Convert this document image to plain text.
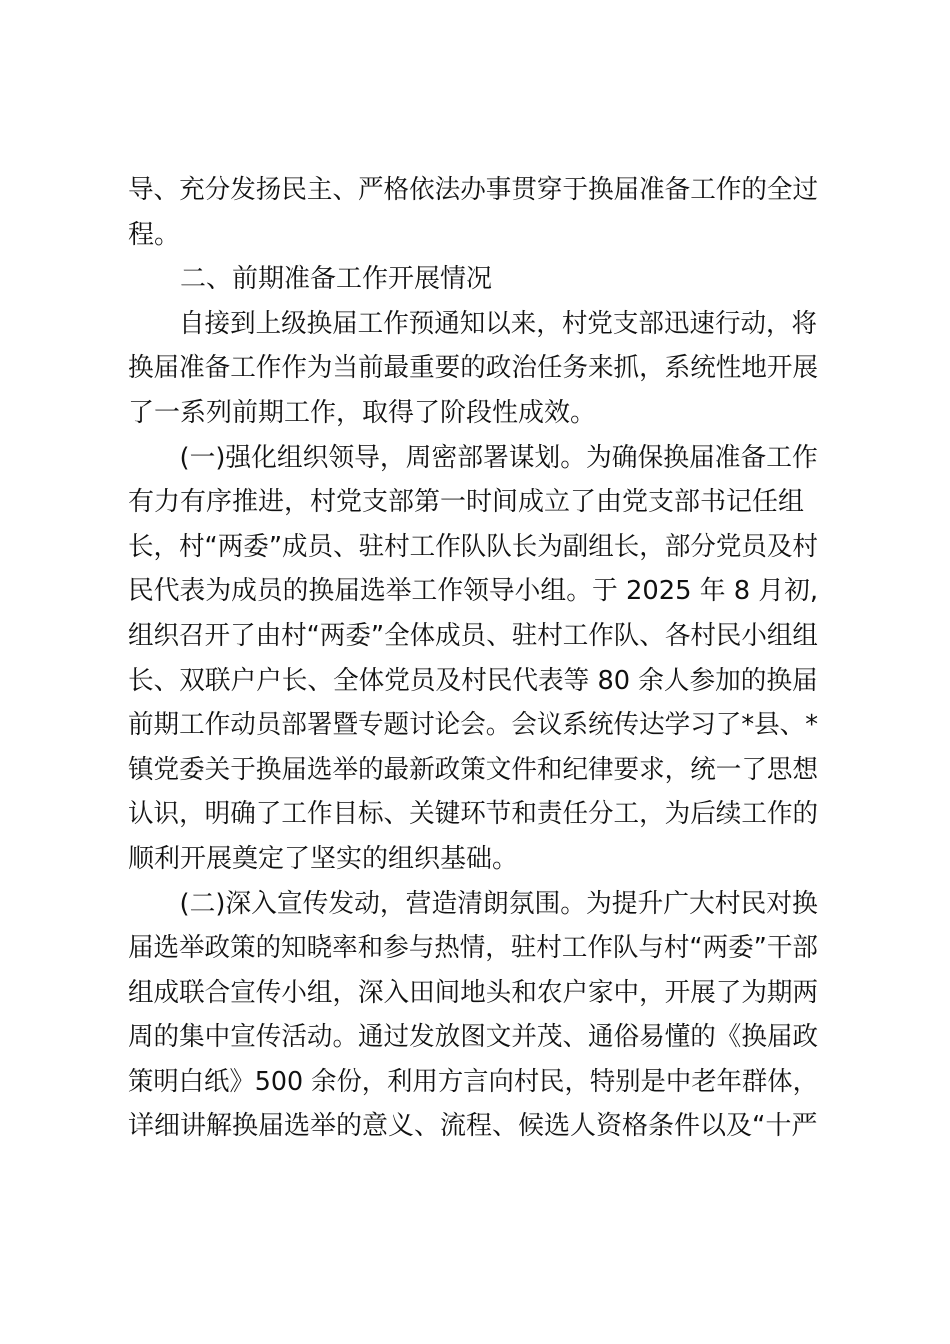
导、充分发扬民主、严格依法办事贯穿于换届准备工作的全过
程。
二、前期准备工作开展情况
自接到上级换届工作预通知以来，村党支部迅速行动，将
换届准备工作作为当前最重要的政治任务来抓，系统性地开展
了一系列前期工作，取得了阶段性成效。
(一)强化组织领导，周密部署谋划。为确保换届准备工作
有力有序推进，村党支部第一时间成立了由党支部书记任组
长，村“两委”成员、驻村工作队队长为副组长，部分党员及村
民代表为成员的换届选举工作领导小组。于 2025 年 8 月初,
组织召开了由村“两委”全体成员、驻村工作队、各村民小组组
长、双联户户长、全体党员及村民代表等 80 余人参加的换届
前期工作动员部署暨专题讨论会。会议系统传达学习了*县、*
镇党委关于换届选举的最新政策文件和纪律要求，统一了思想
认识，明确了工作目标、关键环节和责任分工，为后续工作的
顺利开展奠定了坚实的组织基础。
(二)深入宣传发动，营造清朗氛围。为提升广大村民对换
届选举政策的知晓率和参与热情，驻村工作队与村“两委”干部
组成联合宣传小组，深入田间地头和农户家中，开展了为期两
周的集中宣传活动。通过发放图文并茂、通俗易懂的《换届政
策明白纸》500 余份，利用方言向村民，特别是中老年群体，
详细讲解换届选举的意义、流程、候选人资格条件以及“十严
